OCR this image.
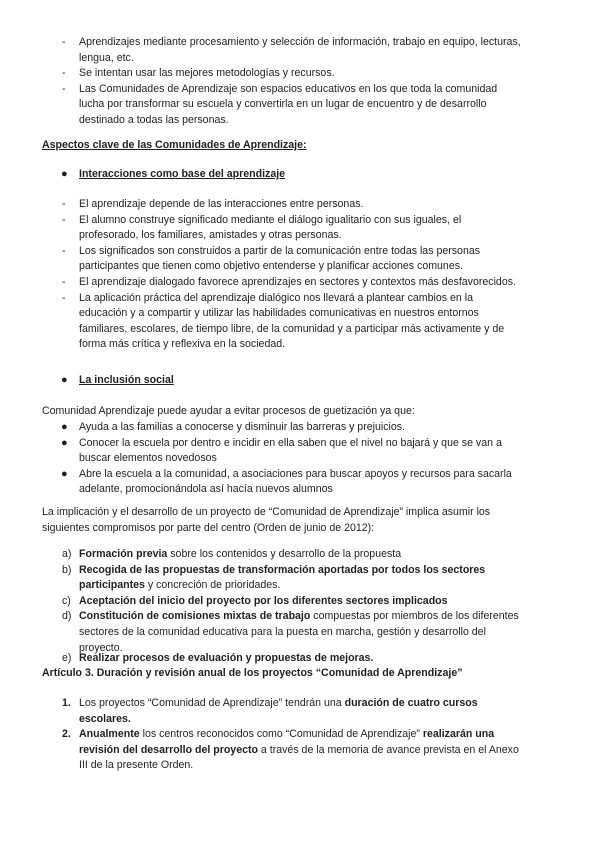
- Aprendizajes mediante procesamiento y selección de información, trabajo en equipo, lecturas, lengua, etc.
- Se intentan usar las mejores metodologías y recursos.
- Las Comunidades de Aprendizaje son espacios educativos en los que toda la comunidad lucha por transformar su escuela y convertirla en un lugar de encuentro y de desarrollo destinado a todas las personas.
Aspectos clave de las Comunidades de Aprendizaje:
● Interacciones como base del aprendizaje
- El aprendizaje depende de las interacciones entre personas.
- El alumno construye significado mediante el diálogo igualitario con sus iguales, el profesorado, los familiares, amistades y otras personas.
- Los significados son construidos a partir de la comunicación entre todas las personas participantes que tienen como objetivo entenderse y planificar acciones comunes.
- El aprendizaje dialogado favorece aprendizajes en sectores y contextos más desfavorecidos.
- La aplicación práctica del aprendizaje dialógico nos llevará a plantear cambios en la educación y a compartir y utilizar las habilidades comunicativas en nuestros entornos familiares, escolares, de tiempo libre, de la comunidad y a participar más activamente y de forma más crítica y reflexiva en la sociedad.
● La inclusión social
Comunidad Aprendizaje puede ayudar a evitar procesos de guetización ya que:
● Ayuda a las familias a conocerse y disminuir las barreras y prejuicios.
● Conocer la escuela por dentro e incidir en ella saben que el nivel no bajará y que se van a buscar elementos novedosos
● Abre la escuela a la comunidad, a asociaciones para buscar apoyos y recursos para sacarla adelante, promocionándola así hacía nuevos alumnos
La implicación y el desarrollo de un proyecto de “Comunidad de Aprendizaje” implica asumir los siguientes compromisos por parte del centro (Orden de junio de 2012):
a) Formación previa sobre los contenidos y desarrollo de la propuesta
b) Recogida de las propuestas de transformación aportadas por todos los sectores participantes y concreción de prioridades.
c) Aceptación del inicio del proyecto por los diferentes sectores implicados
d) Constitución de comisiones mixtas de trabajo compuestas por miembros de los diferentes sectores de la comunidad educativa para la puesta en marcha, gestión y desarrollo del proyecto.
e) Realizar procesos de evaluación y propuestas de mejoras.
Artículo 3. Duración y revisión anual de los proyectos “Comunidad de Aprendizaje”
1. Los proyectos “Comunidad de Aprendizaje” tendrán una duración de cuatro cursos escolares.
2. Anualmente los centros reconocidos como “Comunidad de Aprendizaje” realizarán una revisión del desarrollo del proyecto a través de la memoria de avance prevista en el Anexo III de la presente Orden.
